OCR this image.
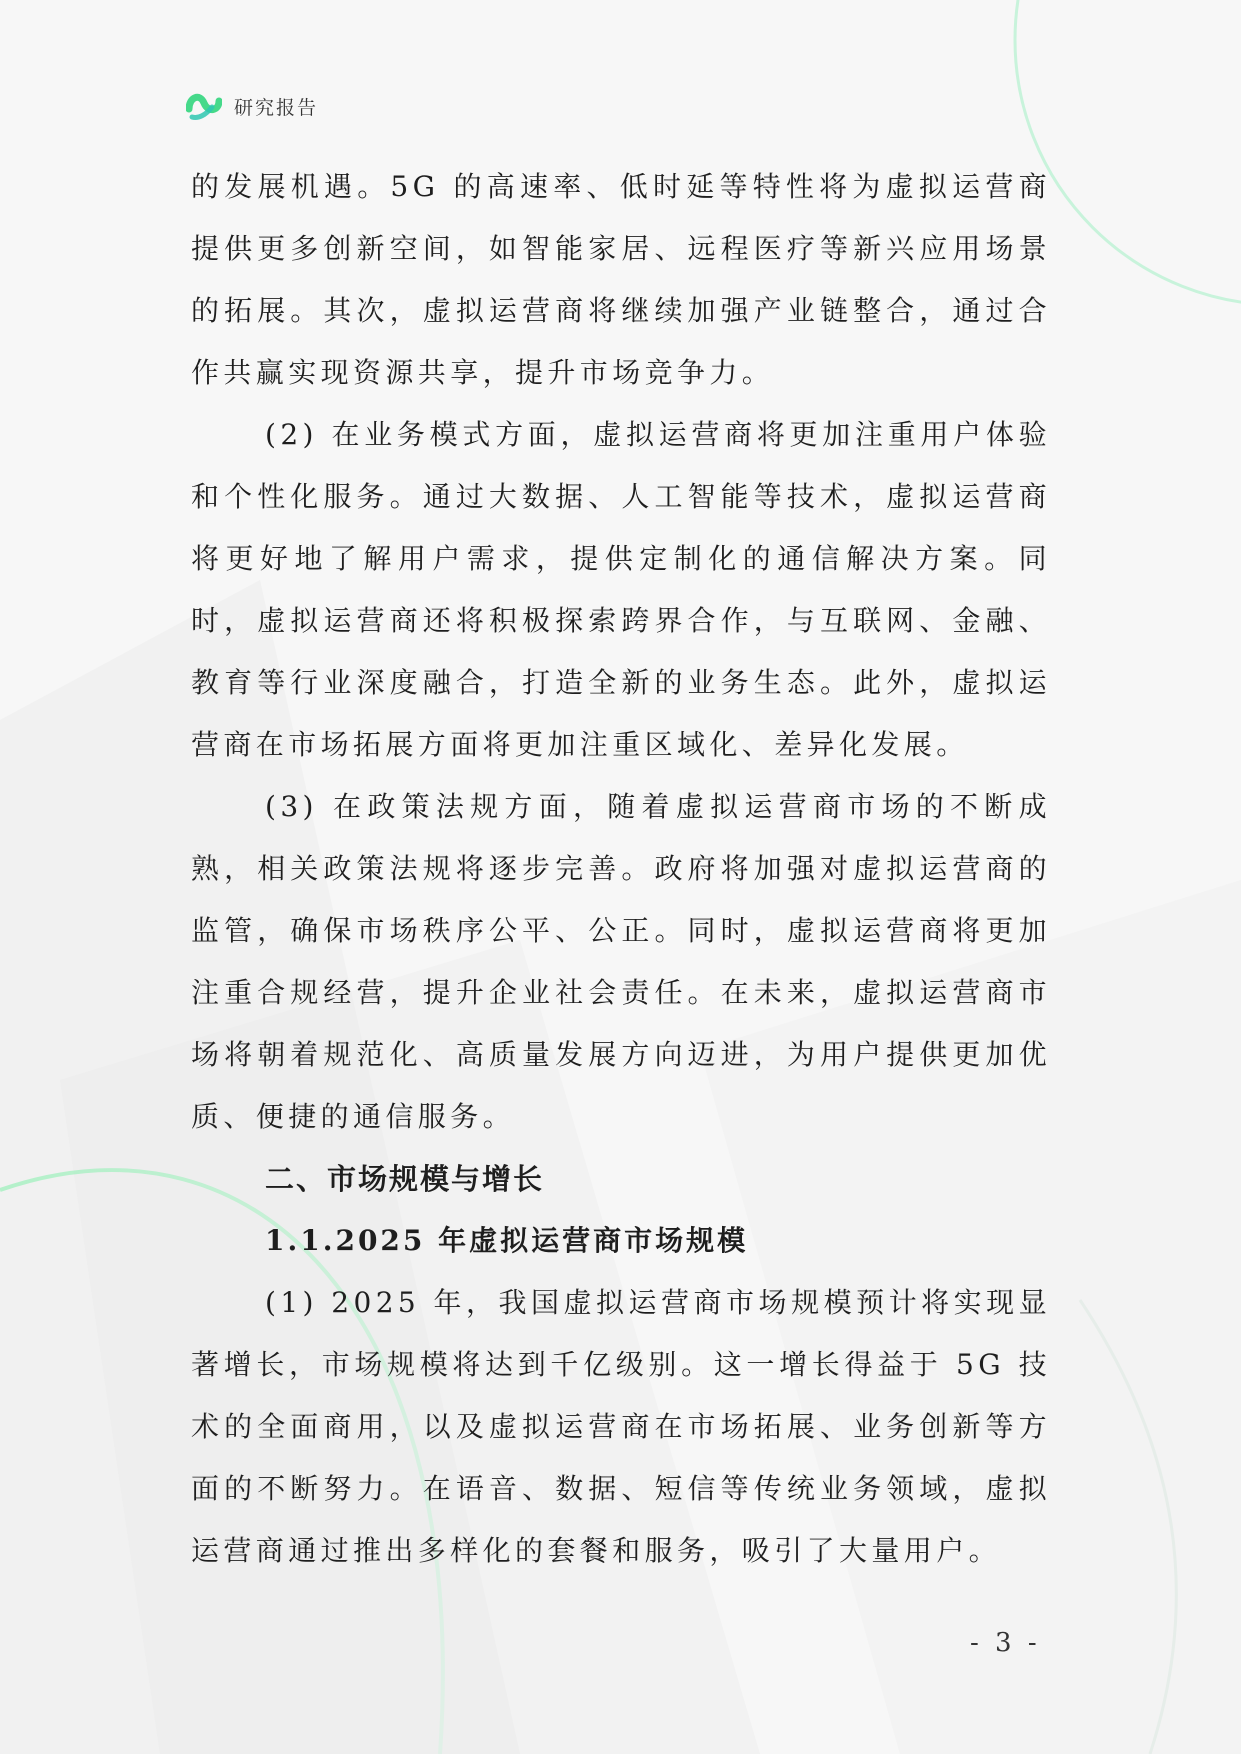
研究报告

的发展机遇。5G 的高速率、低时延等特性将为虚拟运营商提供更多创新空间，如智能家居、远程医疗等新兴应用场景的拓展。其次，虚拟运营商将继续加强产业链整合，通过合作共赢实现资源共享，提升市场竞争力。

(2) 在业务模式方面，虚拟运营商将更加注重用户体验和个性化服务。通过大数据、人工智能等技术，虚拟运营商将更好地了解用户需求，提供定制化的通信解决方案。同时，虚拟运营商还将积极探索跨界合作，与互联网、金融、教育等行业深度融合，打造全新的业务生态。此外，虚拟运营商在市场拓展方面将更加注重区域化、差异化发展。

(3) 在政策法规方面，随着虚拟运营商市场的不断成熟，相关政策法规将逐步完善。政府将加强对虚拟运营商的监管，确保市场秩序公平、公正。同时，虚拟运营商将更加注重合规经营，提升企业社会责任。在未来，虚拟运营商市场将朝着规范化、高质量发展方向迈进，为用户提供更加优质、便捷的通信服务。

二、市场规模与增长
1.1.2025 年虚拟运营商市场规模

(1) 2025 年，我国虚拟运营商市场规模预计将实现显著增长，市场规模将达到千亿级别。这一增长得益于 5G 技术的全面商用，以及虚拟运营商在市场拓展、业务创新等方面的不断努力。在语音、数据、短信等传统业务领域，虚拟运营商通过推出多样化的套餐和服务，吸引了大量用户。

- 3 -
